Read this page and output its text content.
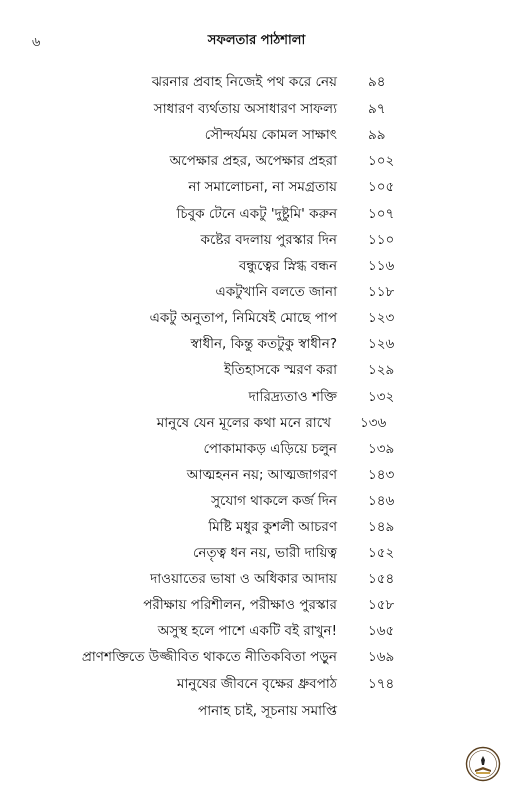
৬	সফলতার পাঠশালা
ঝরনার প্রবাহ নিজেই পথ করে নেয় ৯৪
সাধারণ ব্যর্থতায় অসাধারণ সাফল্য ৯৭
সৌন্দর্যময় কোমল সাক্ষাৎ ৯৯
অপেক্ষার প্রহর, অপেক্ষার প্রহরা ১০২
না সমালোচনা, না সমগ্রতায় ১০৫
চিবুক টেনে একটু 'দুষ্টুমি' করুন ১০৭
কষ্টের বদলায় পুরস্কার দিন ১১০
বন্ধুত্বের স্নিগ্ধ বন্ধন ১১৬
একটুখানি বলতে জানা ১১৮
একটু অনুতাপ, নিমিষেই মোছে পাপ ১২৩
স্বাধীন, কিন্তু কতটুকু স্বাধীন? ১২৬
ইতিহাসকে স্মরণ করা ১২৯
দারিদ্র্যতাও শক্তি ১৩২
মানুষে যেন মূলের কথা মনে রাখে ১৩৬
পোকামাকড় এড়িয়ে চলুন ১৩৯
আত্মহনন নয়; আত্মজাগরণ ১৪৩
সুযোগ থাকলে কর্জ দিন ১৪৬
মিষ্টি মধুর কুশলী আচরণ ১৪৯
নেতৃত্ব ধন নয়, ভারী দায়িত্ব ১৫২
দাওয়াতের ভাষা ও অধিকার আদায় ১৫৪
পরীক্ষায় পরিশীলন, পরীক্ষাও পুরস্কার ১৫৮
অসুস্থ হলে পাশে একটি বই রাখুন! ১৬৫
প্রাণশক্তিতে উজ্জীবিত থাকতে নীতিকবিতা পড়ুন ১৬৯
মানুষের জীবনে বৃক্ষের ধ্রুবপাঠ ১৭৪
পানাহ চাই, সূচনায় সমাপ্তি
